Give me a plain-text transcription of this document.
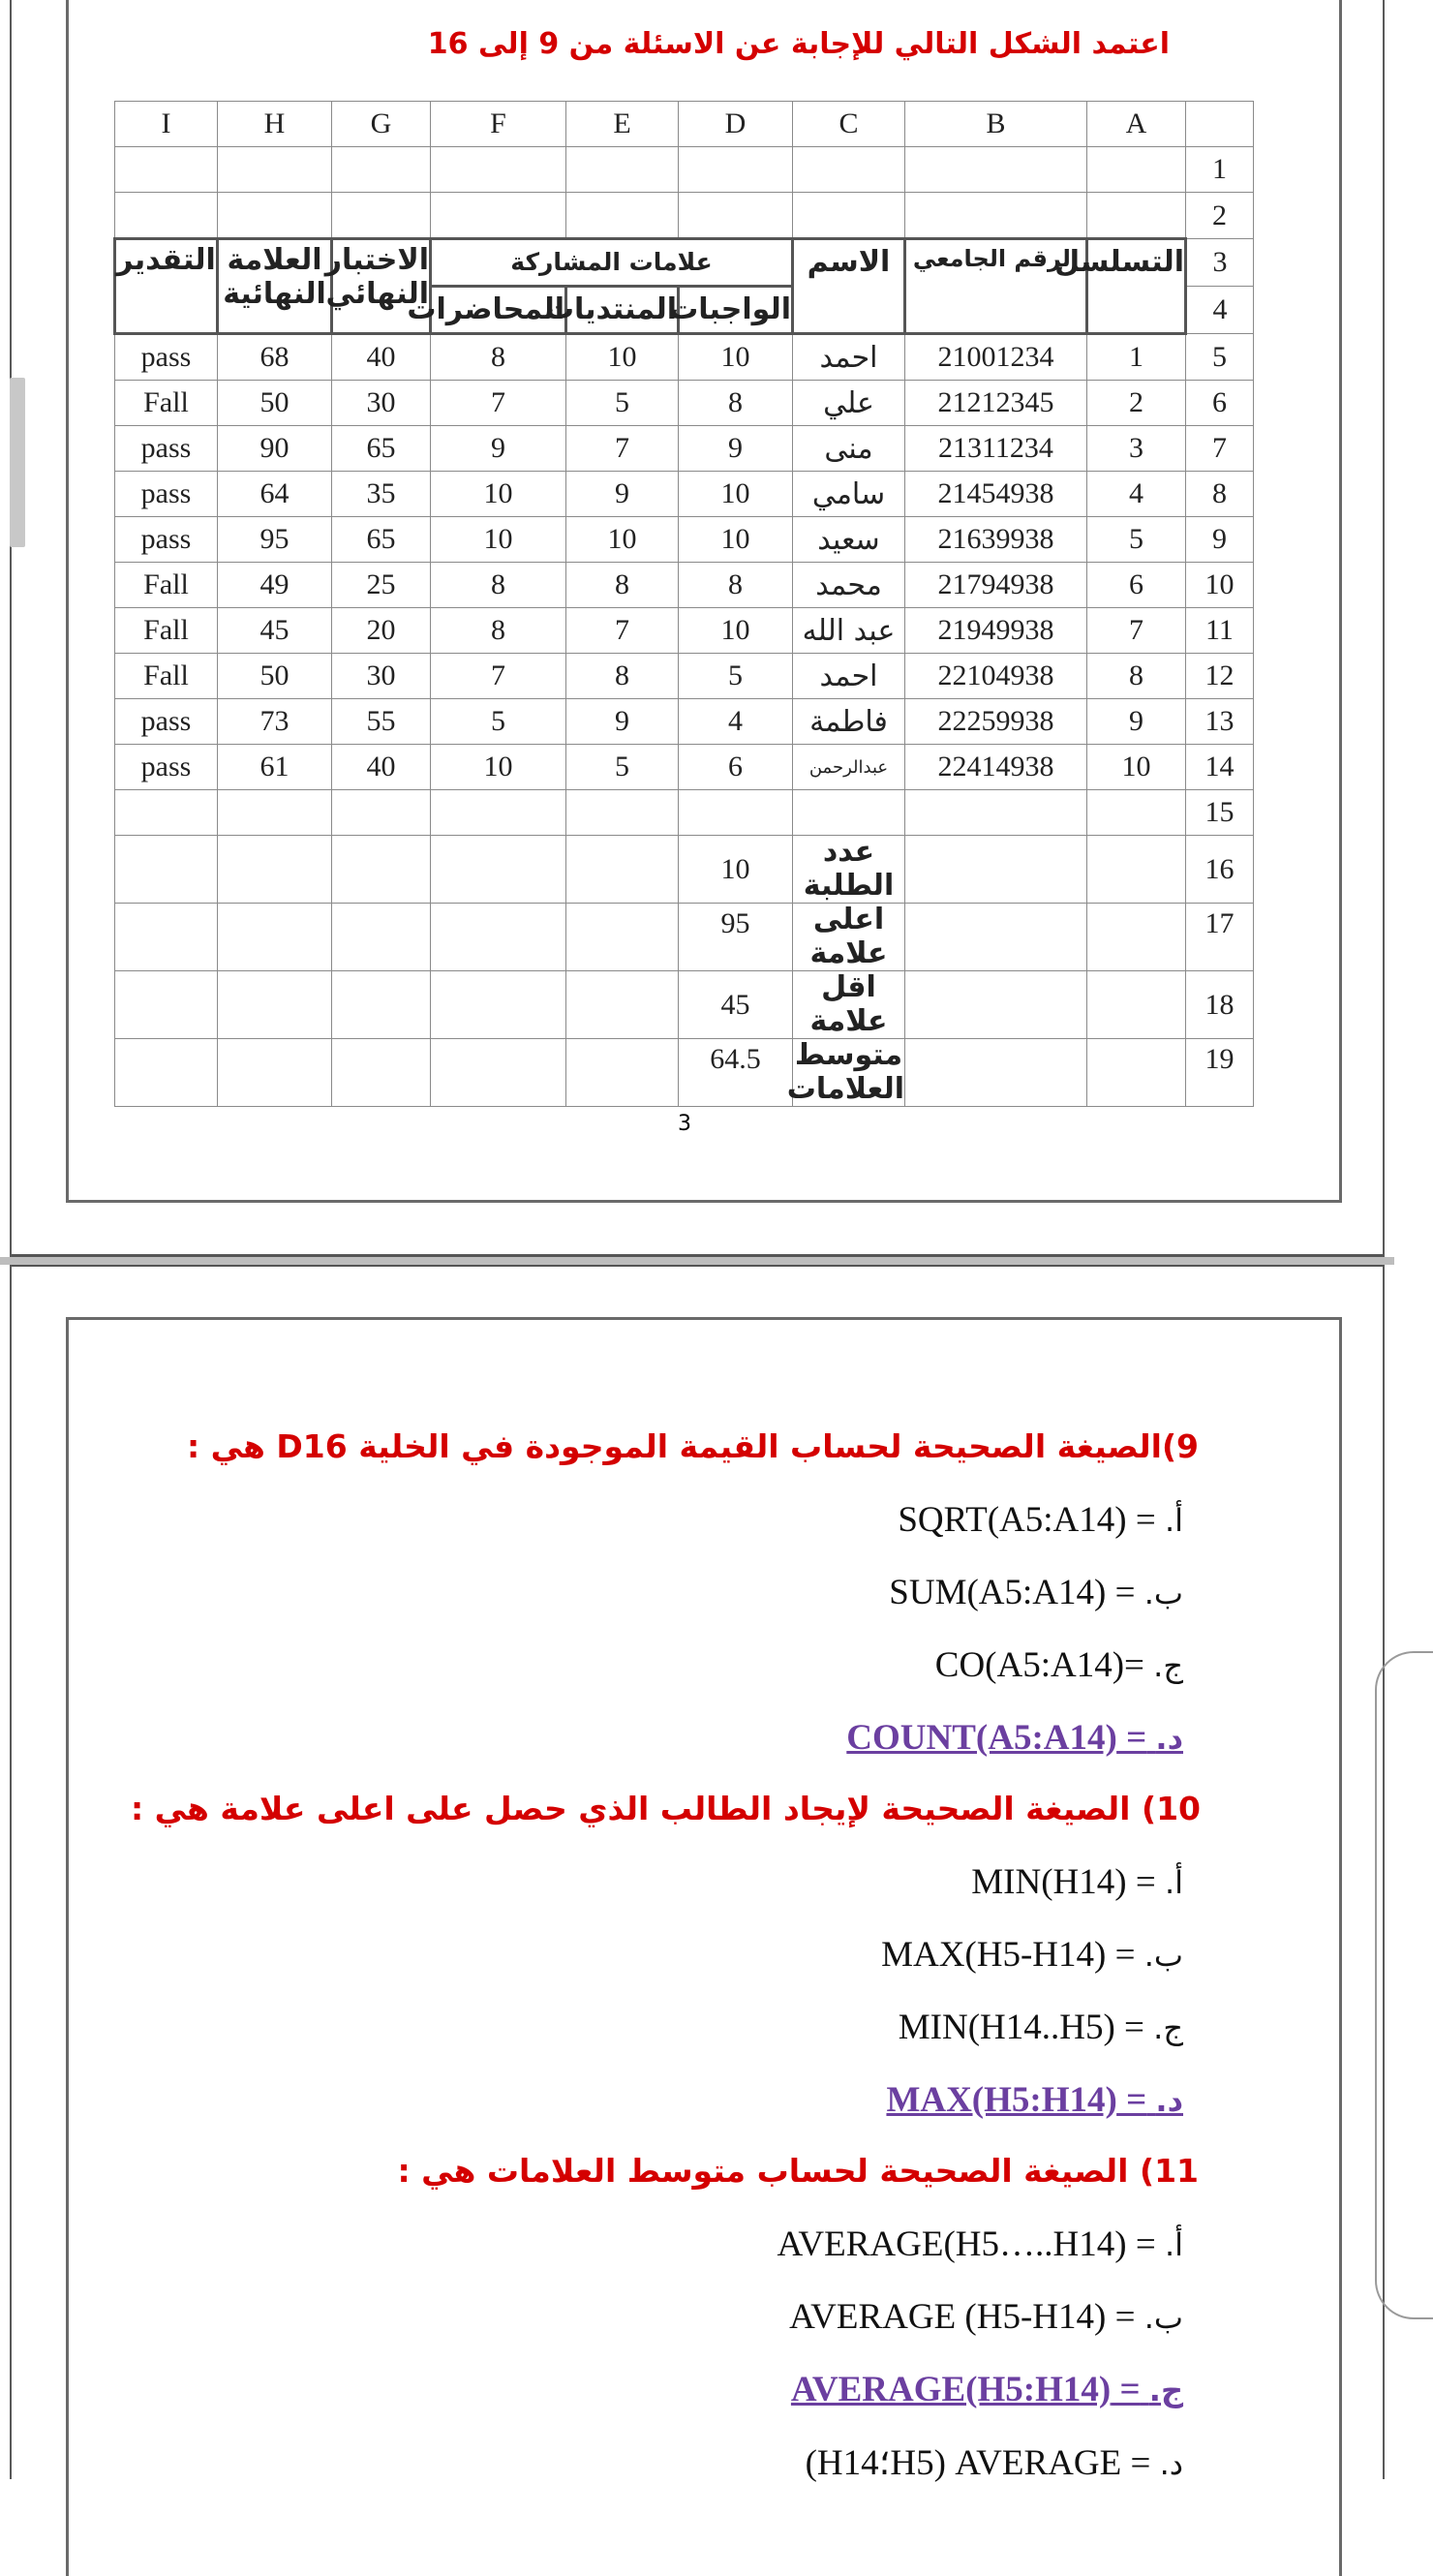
اعتمد الشكل التالي للإجابة عن الاسئلة من 9 إلى 16
I	H	G	F	E	D	C	B	A	
									1
									2
التقدير	العلامة النهائية	الاختبار النهائي	علامات المشاركة			الاسم	الرقم الجامعي	التسلسل	3
			المحاضرات	المنتديات	الواجبات				4
pass	68	40	8	10	10	احمد	21001234	1	5
Fall	50	30	7	5	8	علي	21212345	2	6
pass	90	65	9	7	9	منى	21311234	3	7
pass	64	35	10	9	10	سامي	21454938	4	8
pass	95	65	10	10	10	سعيد	21639938	5	9
Fall	49	25	8	8	8	محمد	21794938	6	10
Fall	45	20	8	7	10	عبد الله	21949938	7	11
Fall	50	30	7	8	5	احمد	22104938	8	12
pass	73	55	5	9	4	فاطمة	22259938	9	13
pass	61	40	10	5	6	عبدالرحمن	22414938	10	14
									15
					10	عدد الطلبة			16
					95	اعلى علامة			17
					45	اقل علامة			18
					64.5	متوسط العلامات			19
3
9)الصيغة الصحيحة لحساب القيمة الموجودة في الخلية D16 هي :
أ. = SQRT(A5:A14)
ب. = SUM(A5:A14)
ج. =CO(A5:A14)
د. = COUNT(A5:A14)
10) الصيغة الصحيحة لإيجاد الطالب الذي حصل على اعلى علامة هي :
أ. = MIN(H14)
ب. = MAX(H5-H14)
ج. = MIN(H14..H5)
د. = MAX(H5:H14)
11) الصيغة الصحيحة لحساب متوسط العلامات هي :
أ. = AVERAGE(H5…..H14)
ب. = AVERAGE (H5-H14)
ج. = AVERAGE(H5:H14)
د. = AVERAGE (H5؛H14)
